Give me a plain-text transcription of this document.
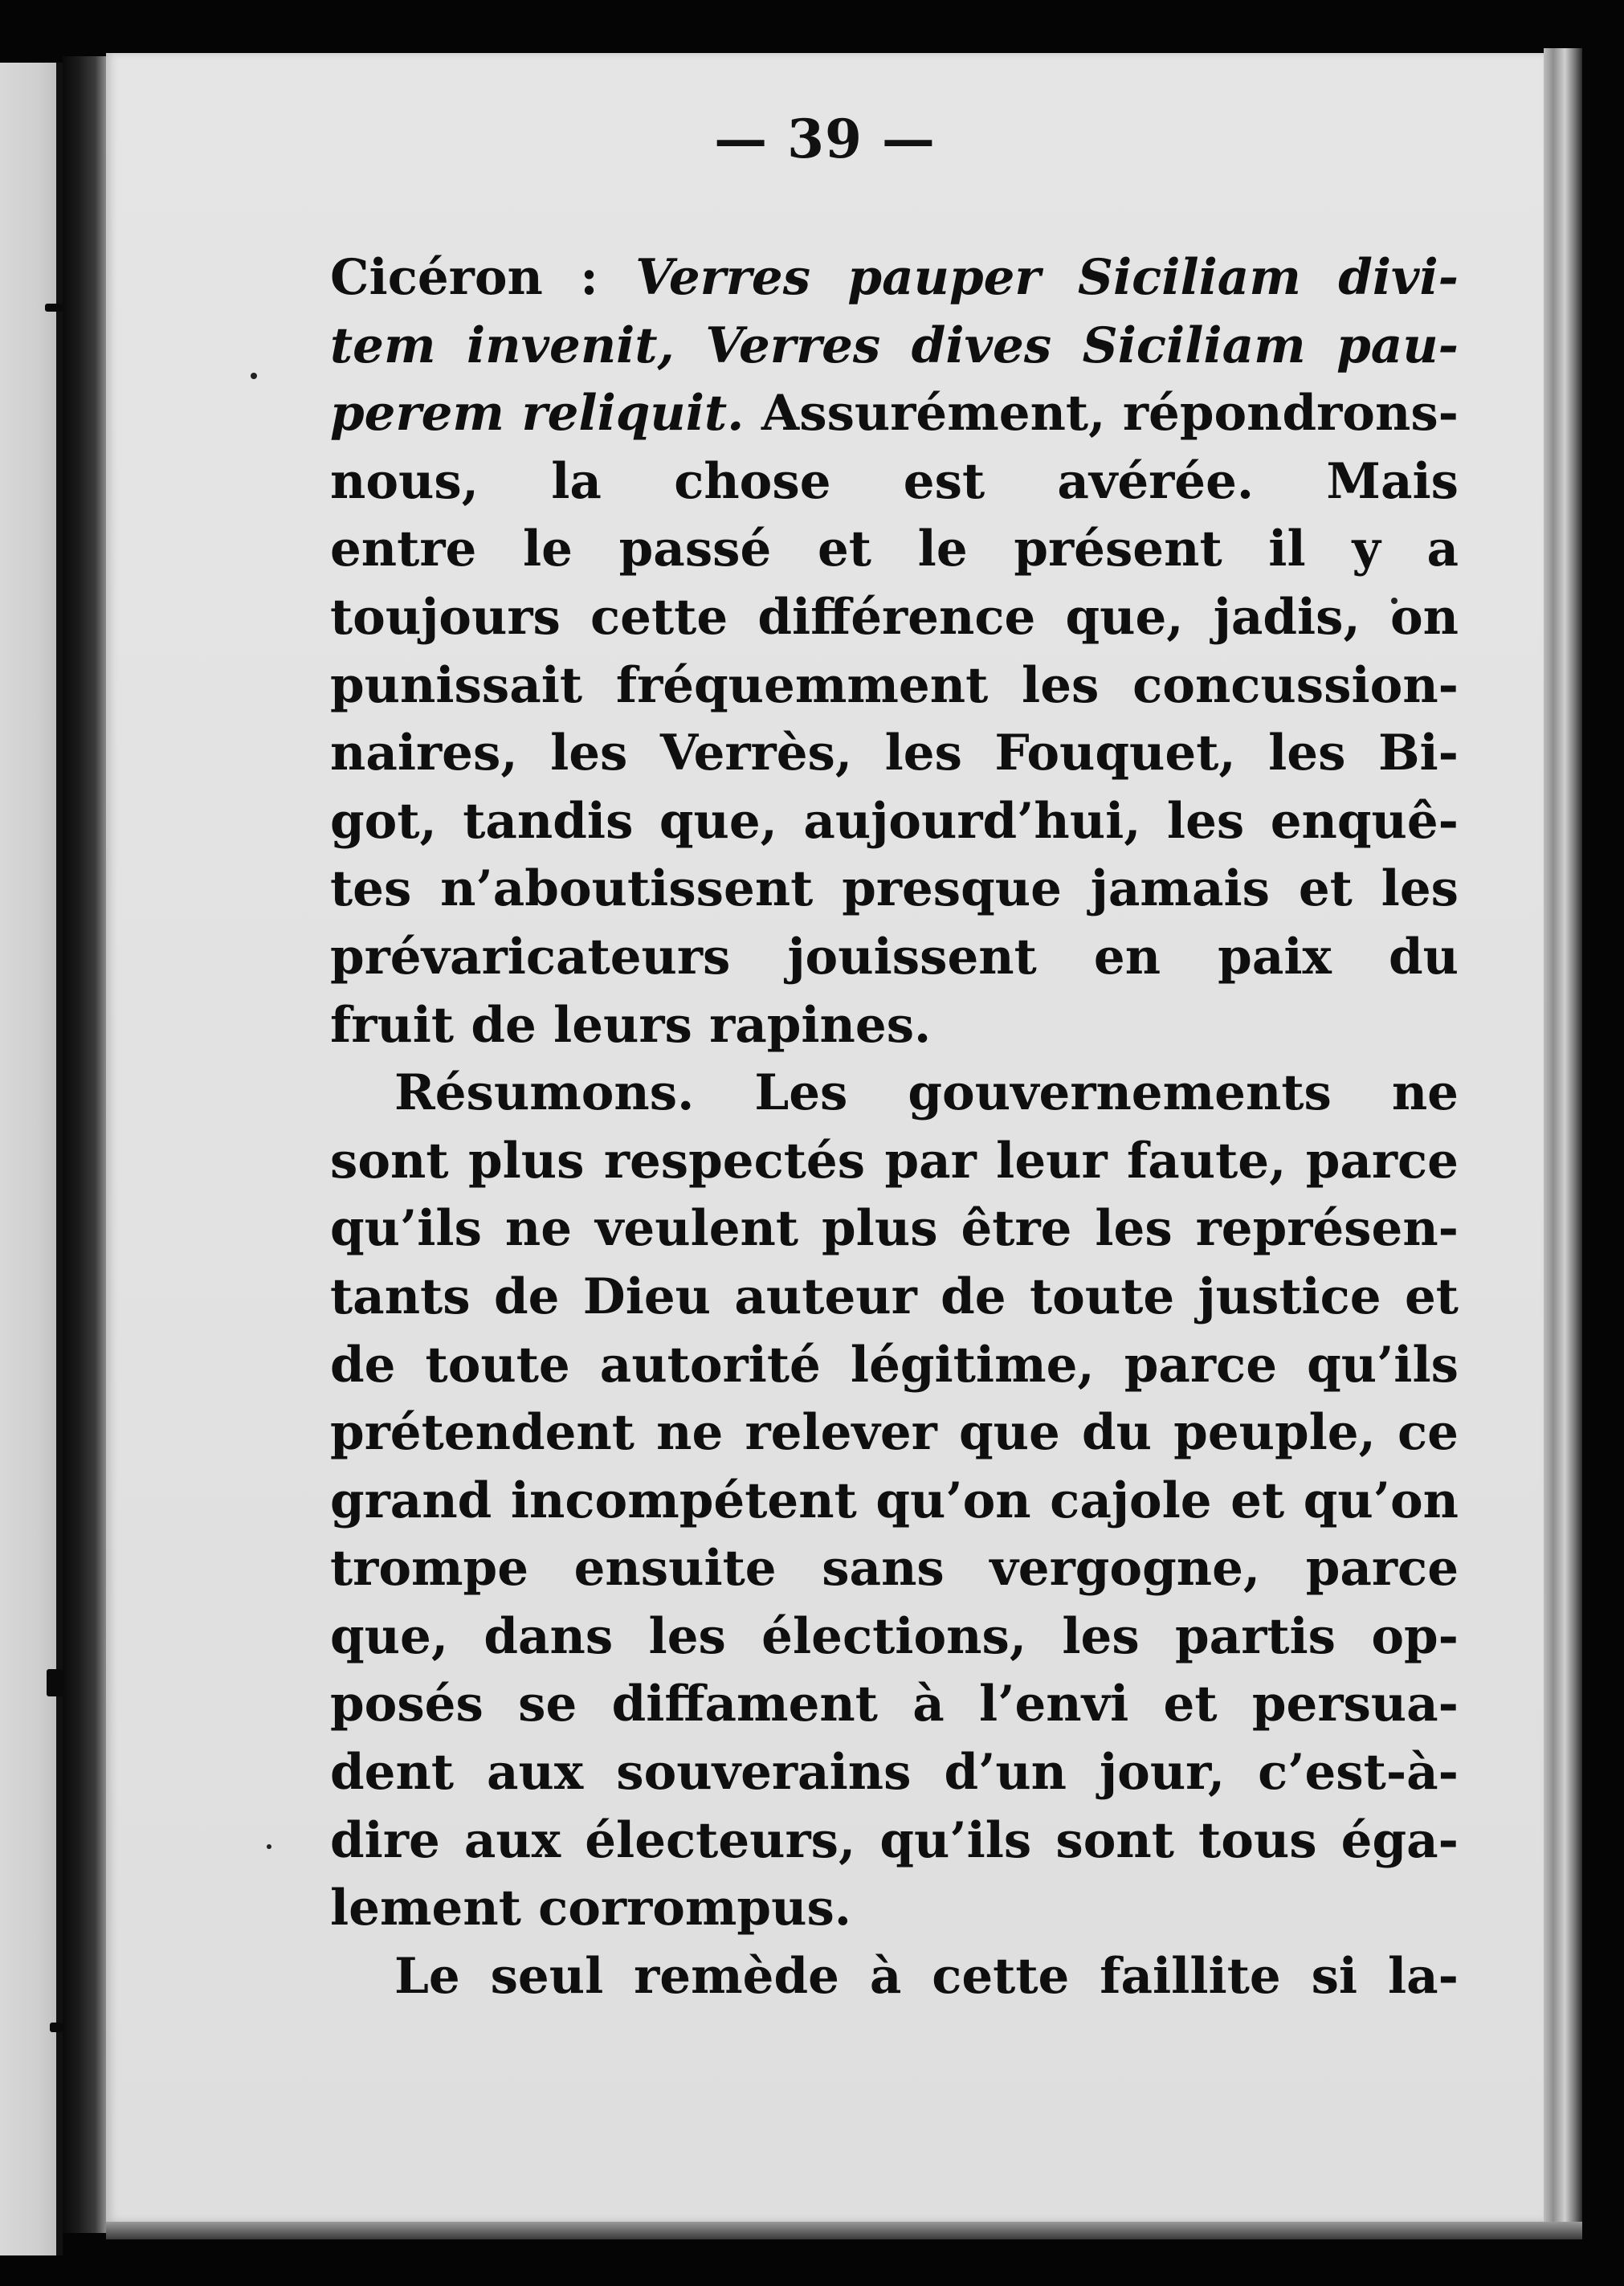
— 39 —
Cicéron : Verres pauper Siciliam divi-
tem invenit, Verres dives Siciliam pau-
perem reliquit. Assurément, répondrons-
nous, la chose est avérée. Mais
entre le passé et le présent il y a
toujours cette différence que, jadis, on
punissait fréquemment les concussion-
naires, les Verrès, les Fouquet, les Bi-
got, tandis que, aujourd’hui, les enquê-
tes n’aboutissent presque jamais et les
prévaricateurs jouissent en paix du
fruit de leurs rapines.
Résumons. Les gouvernements ne
sont plus respectés par leur faute, parce
qu’ils ne veulent plus être les représen-
tants de Dieu auteur de toute justice et
de toute autorité légitime, parce qu’ils
prétendent ne relever que du peuple, ce
grand incompétent qu’on cajole et qu’on
trompe ensuite sans vergogne, parce
que, dans les élections, les partis op-
posés se diffament à l’envi et persua-
dent aux souverains d’un jour, c’est-à-
dire aux électeurs, qu’ils sont tous éga-
lement corrompus.
Le seul remède à cette faillite si la-
